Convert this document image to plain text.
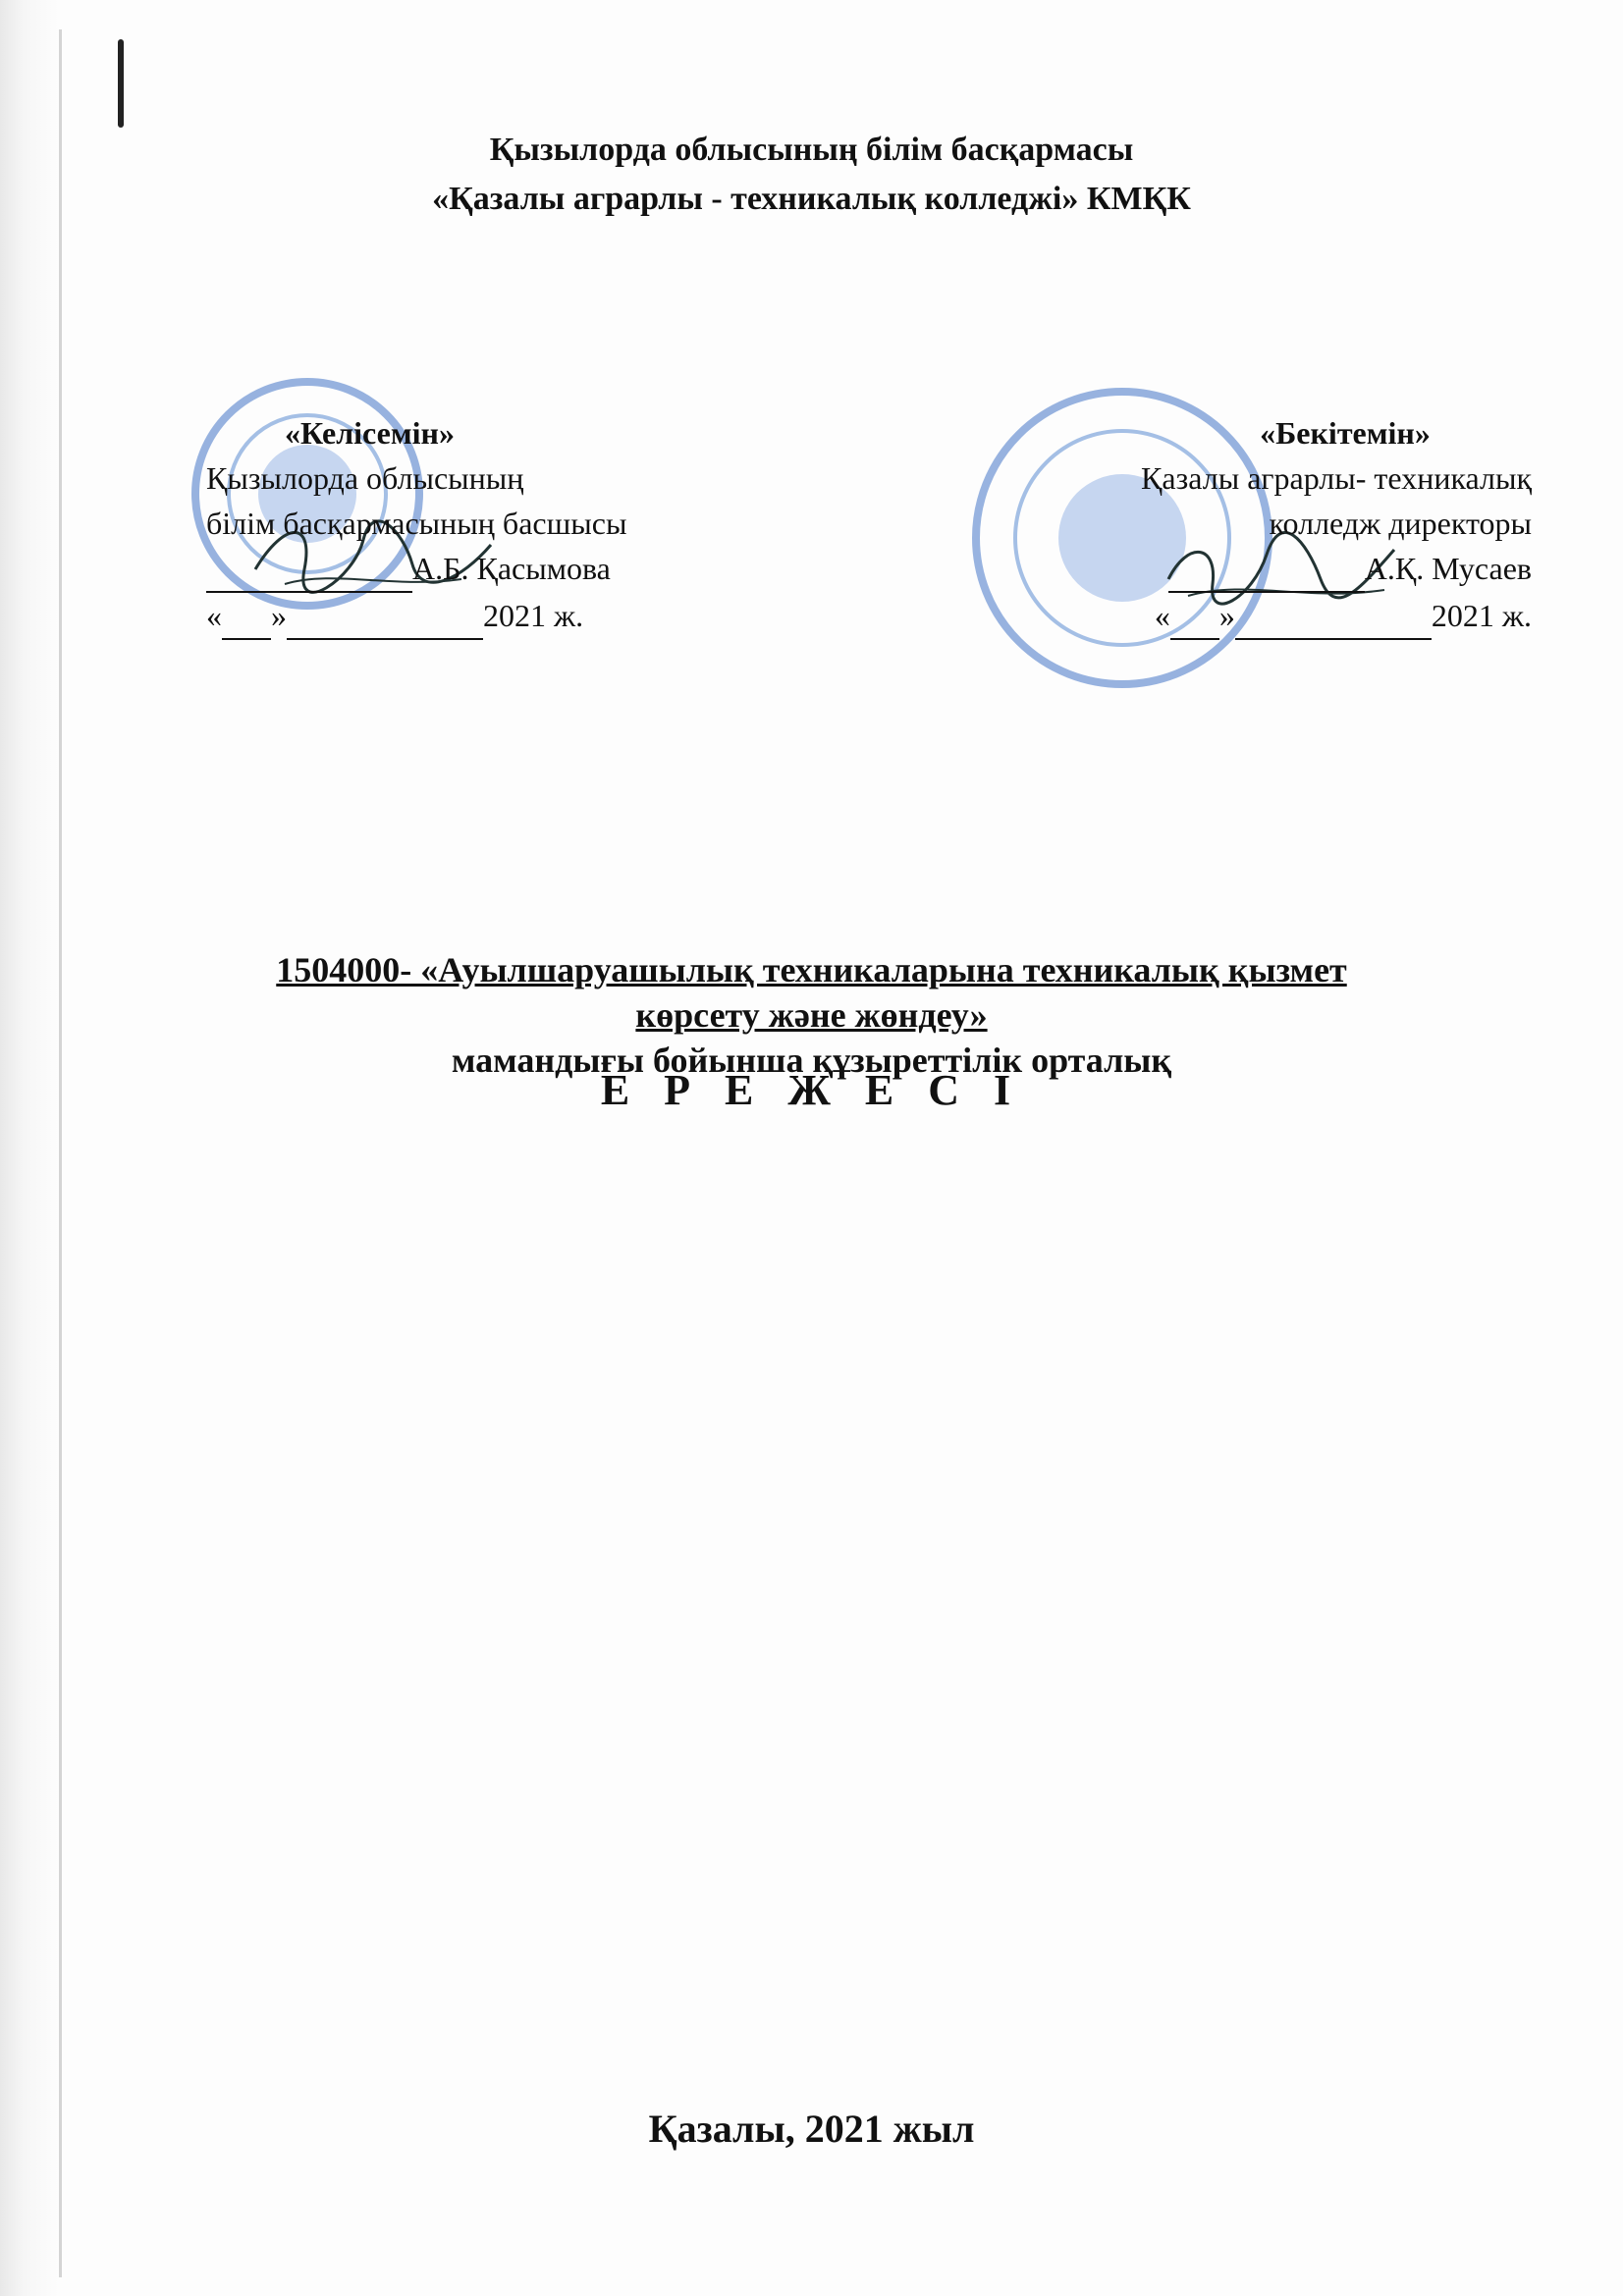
Қызылорда облысының білім басқармасы
«Қазалы аграрлы - техникалық колледжі» КМҚК
«Келісемін»
Қызылорда облысының
білім басқармасының басшысы
А.Б. Қасымова
« »	2021 ж.
«Бекітемін»
Қазалы аграрлы- техникалық
колледж директоры
А.Қ. Мусаев
« »	2021 ж.
1504000- «Ауылшаруашылық техникаларына техникалық қызмет
көрсету және жөндеу»
мамандығы бойынша құзыреттілік орталық
Е Р Е Ж Е С І
Қазалы, 2021 жыл
